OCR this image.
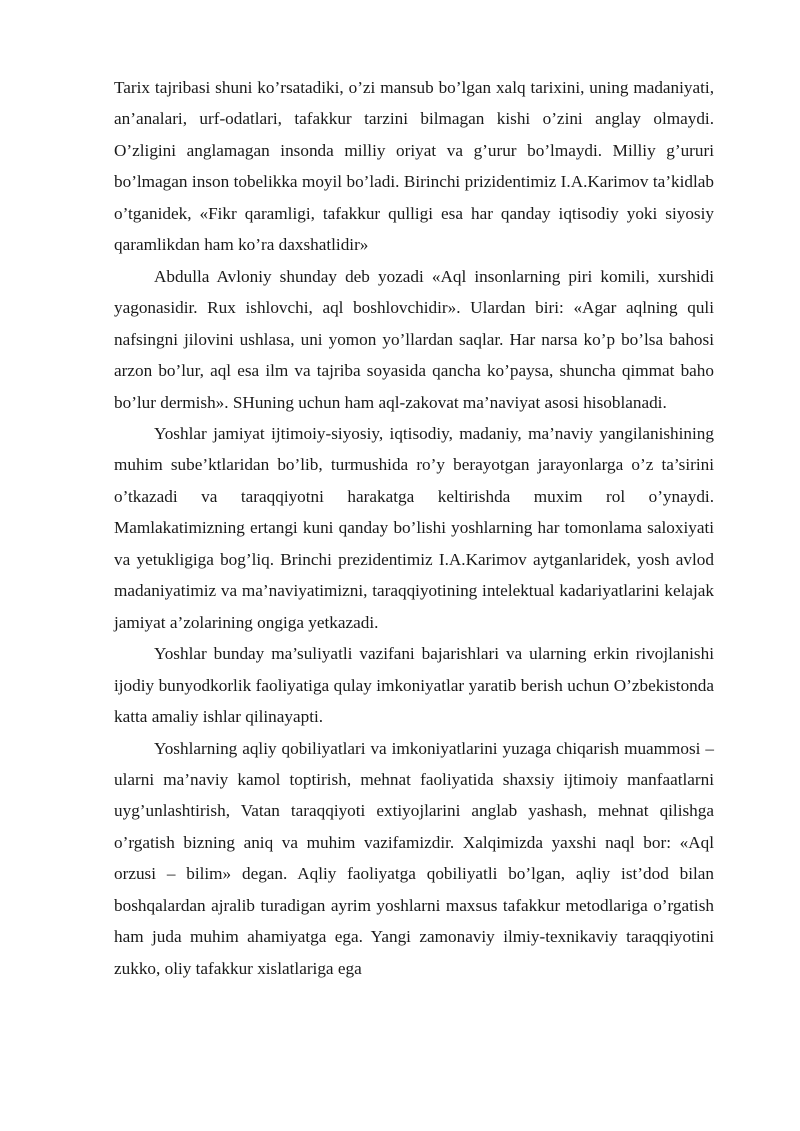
Tarix tajribasi shuni ko’rsatadiki, o’zi mansub bo’lgan xalq tarixini, uning madaniyati, an’analari, urf-odatlari, tafakkur tarzini bilmagan kishi o’zini anglay olmaydi. O’zligini anglamagan insonda milliy oriyat va g’urur bo’lmaydi. Milliy g’ururi bo’lmagan inson tobelikka moyil bo’ladi. Birinchi prizidentimiz I.A.Karimov ta’kidlab o’tganidek, «Fikr qaramligi, tafakkur qulligi esa har qanday iqtisodiy yoki siyosiy qaramlikdan ham ko’ra daxshatlidir»

Abdulla Avloniy shunday deb yozadi «Aql insonlarning piri komili, xurshidi yagonasidir. Rux ishlovchi, aql boshlovchidir». Ulardan biri: «Agar aqlning quli nafsingni jilovini ushlasa, uni yomon yo’llardan saqlar. Har narsa ko’p bo’lsa bahosi arzon bo’lur, aql esa ilm va tajriba soyasida qancha ko’paysa, shuncha qimmat baho bo’lur dermish». SHuning uchun ham aql-zakovat ma’naviyat asosi hisoblanadi.

Yoshlar jamiyat ijtimoiy-siyosiy, iqtisodiy, madaniy, ma’naviy yangilanishining muhim sube’ktlaridan bo’lib, turmushida ro’y berayotgan jarayonlarga o’z ta’sirini o’tkazadi va taraqqiyotni harakatga keltirishda muxim rol o’ynaydi. Mamlakatimizning ertangi kuni qanday bo’lishi yoshlarning har tomonlama saloxiyati va yetukligiga bog’liq. Brinchi prezidentimiz I.A.Karimov aytganlaridek, yosh avlod madaniyatimiz va ma’naviyatimizni, taraqqiyotining intelektual kadariyatlarini kelajak jamiyat a’zolarining ongiga yetkazadi.

Yoshlar bunday ma’suliyatli vazifani bajarishlari va ularning erkin rivojlanishi ijodiy bunyodkorlik faoliyatiga qulay imkoniyatlar yaratib berish uchun O’zbekistonda katta amaliy ishlar qilinayapti.

Yoshlarning aqliy qobiliyatlari va imkoniyatlarini yuzaga chiqarish muammosi – ularni ma’naviy kamol toptirish, mehnat faoliyatida shaxsiy ijtimoiy manfaatlarni uyg’unlashtirish, Vatan taraqqiyoti extiyojlarini anglab yashash, mehnat qilishga o’rgatish bizning aniq va muhim vazifamizdir. Xalqimizda yaxshi naql bor: «Aql orzusi – bilim» degan. Aqliy faoliyatga qobiliyatli bo’lgan, aqliy ist’dod bilan boshqalardan ajralib turadigan ayrim yoshlarni maxsus tafakkur metodlariga o’rgatish ham juda muhim ahamiyatga ega. Yangi zamonaviy ilmiy-texnikaviy taraqqiyotini zukko, oliy tafakkur xislatlariga ega
